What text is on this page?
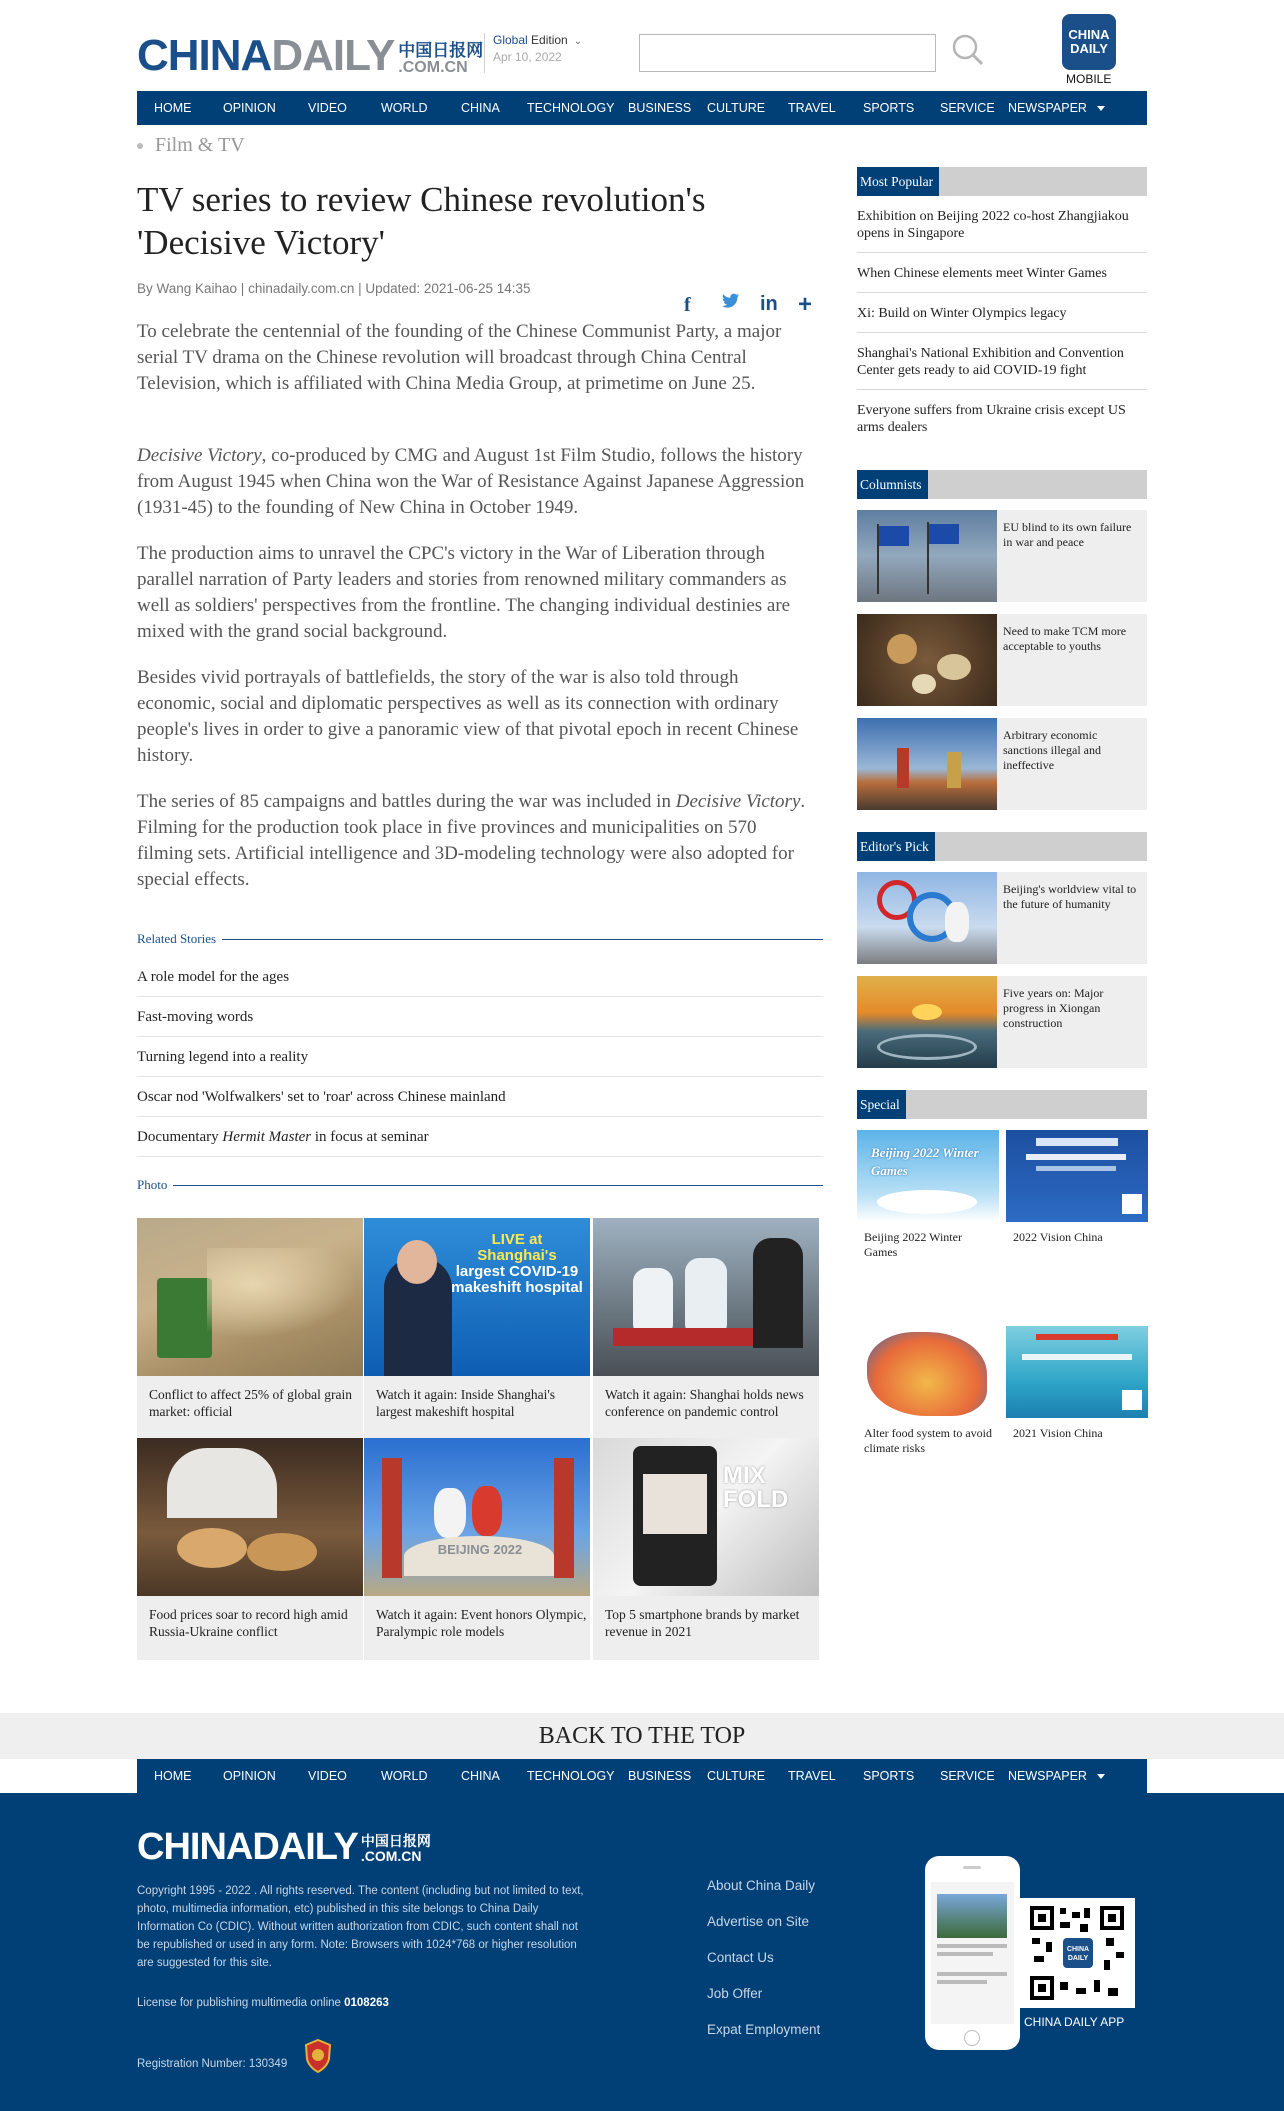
CHINA DAILY 中国日报网
.COM.CN
Global Edition ⌄
Apr 10, 2022
CHINA
DAILY
MOBILE
HOME	OPINION	VIDEO	WORLD	CHINA TECHNOLOGY BUSINESS CULTURE TRAVEL SPORTS SERVICE NEWSPAPER
Film & TV
TV series to review Chinese revolution's 'Decisive Victory'
By Wang Kaihao | chinadaily.com.cn | Updated: 2021-06-25 14:35
f	in +

To celebrate the centennial of the founding of the Chinese Communist Party, a major serial TV drama on the Chinese revolution will broadcast through China Central Television, which is affiliated with China Media Group, at primetime on June 25.

Decisive Victory, co-produced by CMG and August 1st Film Studio, follows the history from August 1945 when China won the War of Resistance Against Japanese Aggression (1931-45) to the founding of New China in October 1949.

The production aims to unravel the CPC's victory in the War of Liberation through parallel narration of Party leaders and stories from renowned military commanders as well as soldiers' perspectives from the frontline. The changing individual destinies are mixed with the grand social background.

Besides vivid portrayals of battlefields, the story of the war is also told through economic, social and diplomatic perspectives as well as its connection with ordinary people's lives in order to give a panoramic view of that pivotal epoch in recent Chinese history.

The series of 85 campaigns and battles during the war was included in Decisive Victory. Filming for the production took place in five provinces and municipalities on 570 filming sets. Artificial intelligence and 3D-modeling technology were also adopted for special effects.

Related Stories
A role model for the ages
Fast-moving words
Turning legend into a reality
Oscar nod 'Wolfwalkers' set to 'roar' across Chinese mainland
Documentary Hermit Master in focus at seminar
Photo
Conflict to affect 25% of global grain market: official
LIVE at Shanghai's
largest COVID-19
makeshift hospital
Watch it again: Inside Shanghai's largest makeshift hospital
Watch it again: Shanghai holds news conference on pandemic control
Food prices soar to record high amid Russia-Ukraine conflict
BEIJING 2022
Watch it again: Event honors Olympic, Paralympic role models
MIX FOLD
Top 5 smartphone brands by market revenue in 2021
Most Popular
Exhibition on Beijing 2022 co-host Zhangjiakou opens in Singapore
When Chinese elements meet Winter Games
Xi: Build on Winter Olympics legacy
Shanghai's National Exhibition and Convention Center gets ready to aid COVID-19 fight
Everyone suffers from Ukraine crisis except US arms dealers
Columnists
EU blind to its own failure in war and peace
Need to make TCM more acceptable to youths
Arbitrary economic sanctions illegal and ineffective
Editor's Pick
Beijing's worldview vital to the future of humanity
Five years on: Major progress in Xiongan construction
Special
Beijing 2022 Winter Games
Beijing 2022 Winter Games
2022 Vision China
Alter food system to avoid climate risks
2021 Vision China
BACK TO THE TOP
HOME	OPINION	VIDEO	WORLD	CHINA TECHNOLOGY BUSINESS CULTURE TRAVEL SPORTS SERVICE NEWSPAPER
CHINADAILY 中国日报网
.COM.CN
Copyright 1995 - 2022 . All rights reserved. The content (including but not limited to text, photo, multimedia information, etc) published in this site belongs to China Daily Information Co (CDIC). Without written authorization from CDIC, such content shall not be republished or used in any form. Note: Browsers with 1024*768 or higher resolution are suggested for this site.
License for publishing multimedia online 0108263
Registration Number: 130349
About China Daily
Advertise on Site
Contact Us
Job Offer
Expat Employment
CHINA
DAILY
CHINA DAILY APP
